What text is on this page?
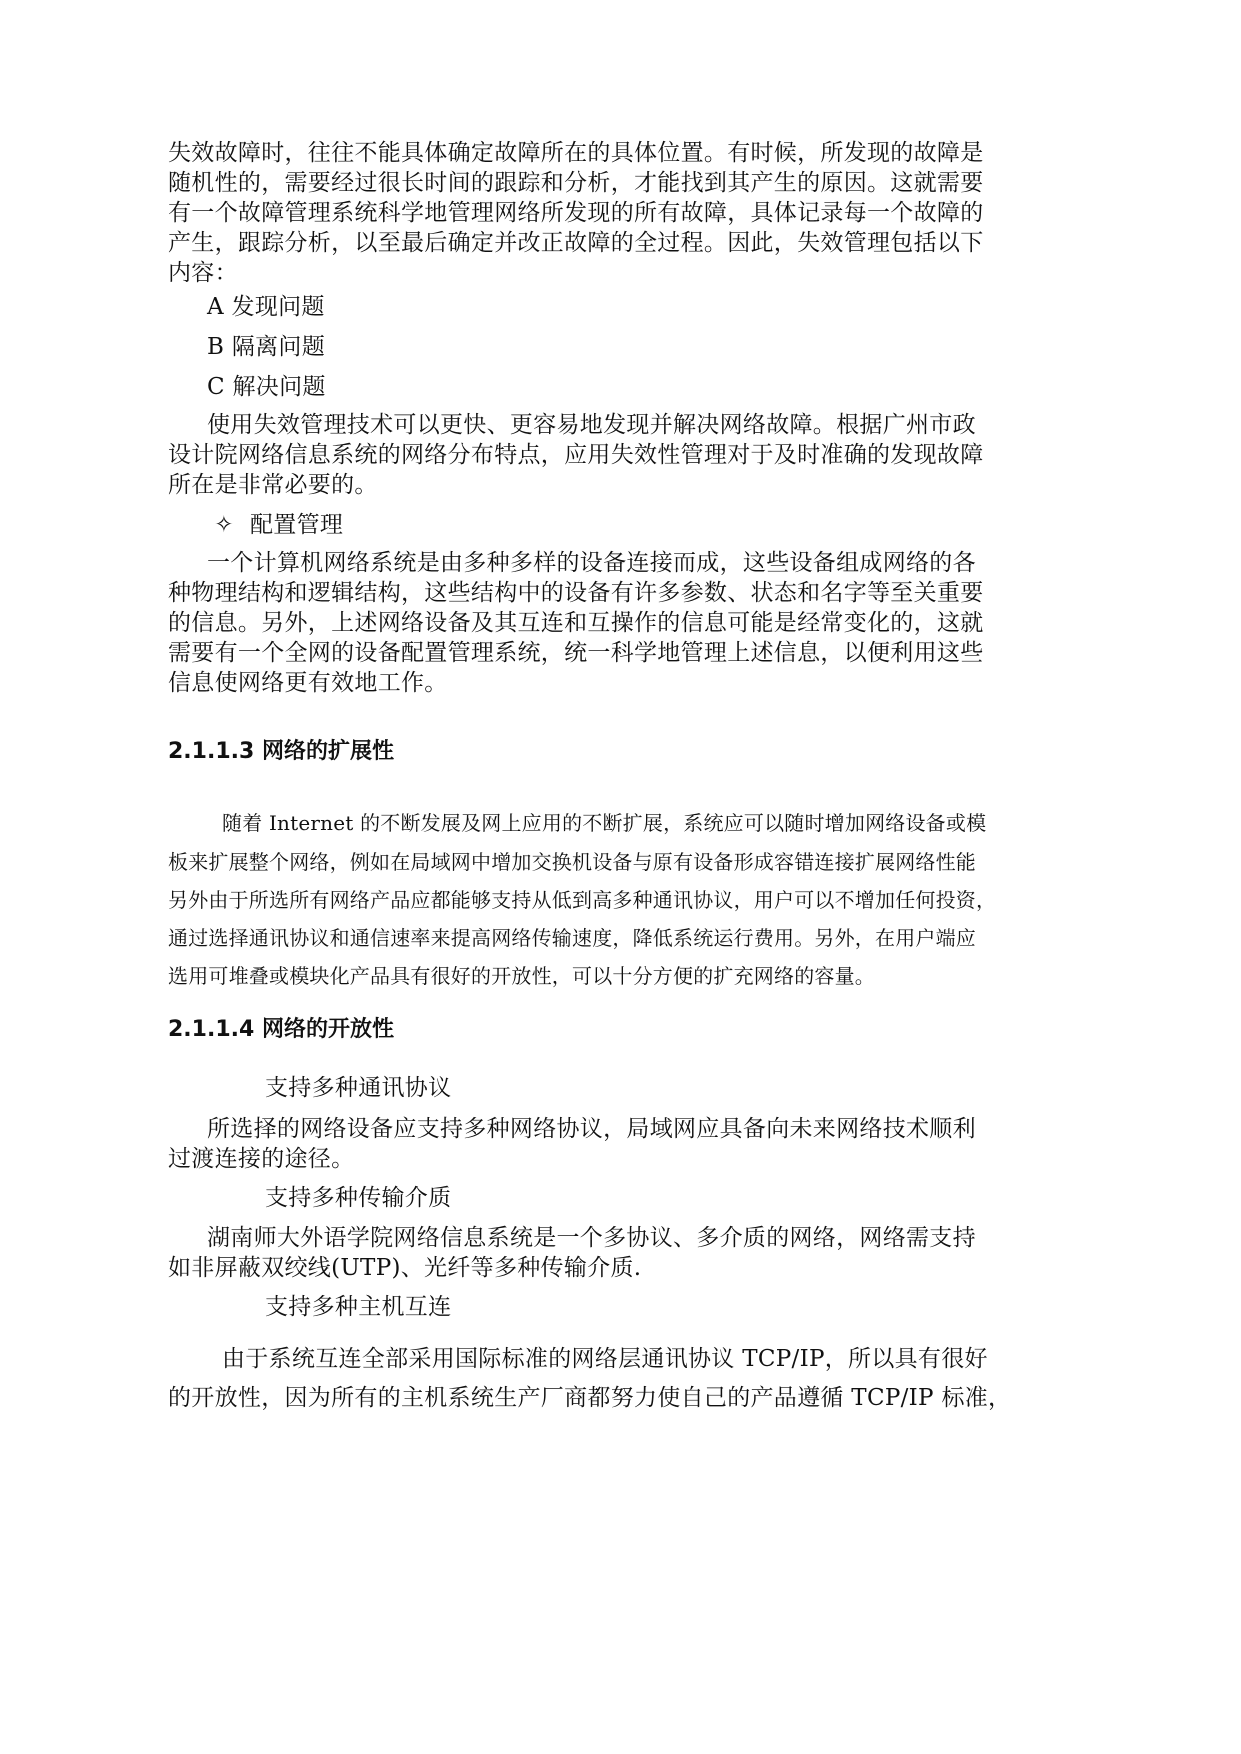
失效故障时，往往不能具体确定故障所在的具体位置。有时候，所发现的故障是
随机性的，需要经过很长时间的跟踪和分析，才能找到其产生的原因。这就需要
有一个故障管理系统科学地管理网络所发现的所有故障，具体记录每一个故障的
产生，跟踪分析，以至最后确定并改正故障的全过程。因此，失效管理包括以下
内容：
A 发现问题
B 隔离问题
C 解决问题
使用失效管理技术可以更快、更容易地发现并解决网络故障。根据广州市政
设计院网络信息系统的网络分布特点，应用失效性管理对于及时准确的发现故障
所在是非常必要的。
✧ 配置管理
一个计算机网络系统是由多种多样的设备连接而成，这些设备组成网络的各
种物理结构和逻辑结构，这些结构中的设备有许多参数、状态和名字等至关重要
的信息。另外，上述网络设备及其互连和互操作的信息可能是经常变化的，这就
需要有一个全网的设备配置管理系统，统一科学地管理上述信息，以便利用这些
信息使网络更有效地工作。
2.1.1.3 网络的扩展性
随着 Internet 的不断发展及网上应用的不断扩展，系统应可以随时增加网络设备或模
板来扩展整个网络，例如在局域网中增加交换机设备与原有设备形成容错连接扩展网络性能
另外由于所选所有网络产品应都能够支持从低到高多种通讯协议，用户可以不增加任何投资，
通过选择通讯协议和通信速率来提高网络传输速度，降低系统运行费用。另外，在用户端应
选用可堆叠或模块化产品具有很好的开放性，可以十分方便的扩充网络的容量。
2.1.1.4 网络的开放性
支持多种通讯协议
所选择的网络设备应支持多种网络协议，局域网应具备向未来网络技术顺利
过渡连接的途径。
支持多种传输介质
湖南师大外语学院网络信息系统是一个多协议、多介质的网络，网络需支持
如非屏蔽双绞线(UTP)、光纤等多种传输介质.
支持多种主机互连
由于系统互连全部采用国际标准的网络层通讯协议 TCP/IP，所以具有很好
的开放性，因为所有的主机系统生产厂商都努力使自己的产品遵循 TCP/IP 标准，
